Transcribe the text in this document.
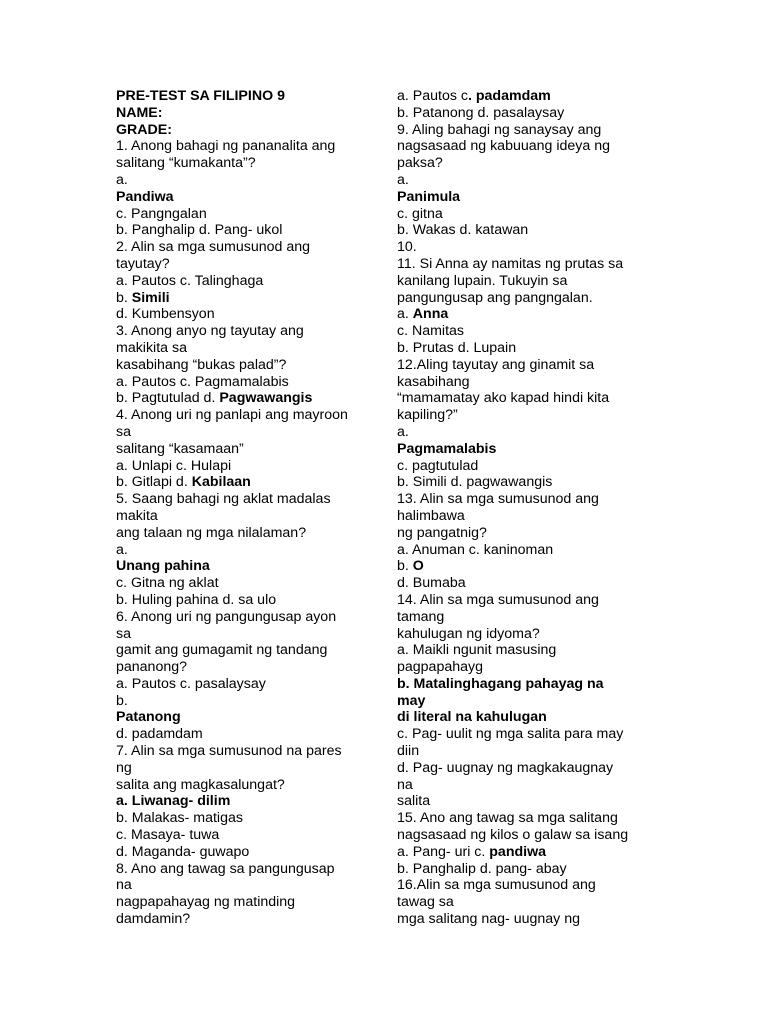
PRE-TEST SA FILIPINO 9
NAME:
GRADE:
1. Anong bahagi ng pananalita ang
salitang “kumakanta”?
a.
Pandiwa
c. Pangngalan
b. Panghalip d. Pang- ukol
2. Alin sa mga sumusunod ang
tayutay?
a. Pautos c. Talinghaga
b. Simili
d. Kumbensyon
3. Anong anyo ng tayutay ang
makikita sa
kasabihang “bukas palad”?
a. Pautos c. Pagmamalabis
b. Pagtutulad d. Pagwawangis
4. Anong uri ng panlapi ang mayroon
sa
salitang “kasamaan”
a. Unlapi c. Hulapi
b. Gitlapi d. Kabilaan
5. Saang bahagi ng aklat madalas
makita
ang talaan ng mga nilalaman?
a.
Unang pahina
c. Gitna ng aklat
b. Huling pahina d. sa ulo
6. Anong uri ng pangungusap ayon
sa
gamit ang gumagamit ng tandang
pananong?
a. Pautos c. pasalaysay
b.
Patanong
d. padamdam
7. Alin sa mga sumusunod na pares
ng
salita ang magkasalungat?
a. Liwanag- dilim
b. Malakas- matigas
c. Masaya- tuwa
d. Maganda- guwapo
8. Ano ang tawag sa pangungusap
na
nagpapahayag ng matinding
damdamin?
a. Pautos c. padamdam
b. Patanong d. pasalaysay
9. Aling bahagi ng sanaysay ang
nagsasaad ng kabuuang ideya ng
paksa?
a.
Panimula
c. gitna
b. Wakas d. katawan
10.
11. Si Anna ay namitas ng prutas sa
kanilang lupain. Tukuyin sa
pangungusap ang pangngalan.
a. Anna
c. Namitas
b. Prutas d. Lupain
12.Aling tayutay ang ginamit sa
kasabihang
“mamamatay ako kapad hindi kita
kapiling?”
a.
Pagmamalabis
c. pagtutulad
b. Simili d. pagwawangis
13. Alin sa mga sumusunod ang
halimbawa
ng pangatnig?
a. Anuman c. kaninoman
b. O
d. Bumaba
14. Alin sa mga sumusunod ang
tamang
kahulugan ng idyoma?
a. Maikli ngunit masusing
pagpapahayg
b. Matalinghagang pahayag na
may
di literal na kahulugan
c. Pag- uulit ng mga salita para may
diin
d. Pag- uugnay ng magkakaugnay
na
salita
15. Ano ang tawag sa mga salitang
nagsasaad ng kilos o galaw sa isang
a. Pang- uri c. pandiwa
b. Panghalip d. pang- abay
16.Alin sa mga sumusunod ang
tawag sa
mga salitang nag- uugnay ng
